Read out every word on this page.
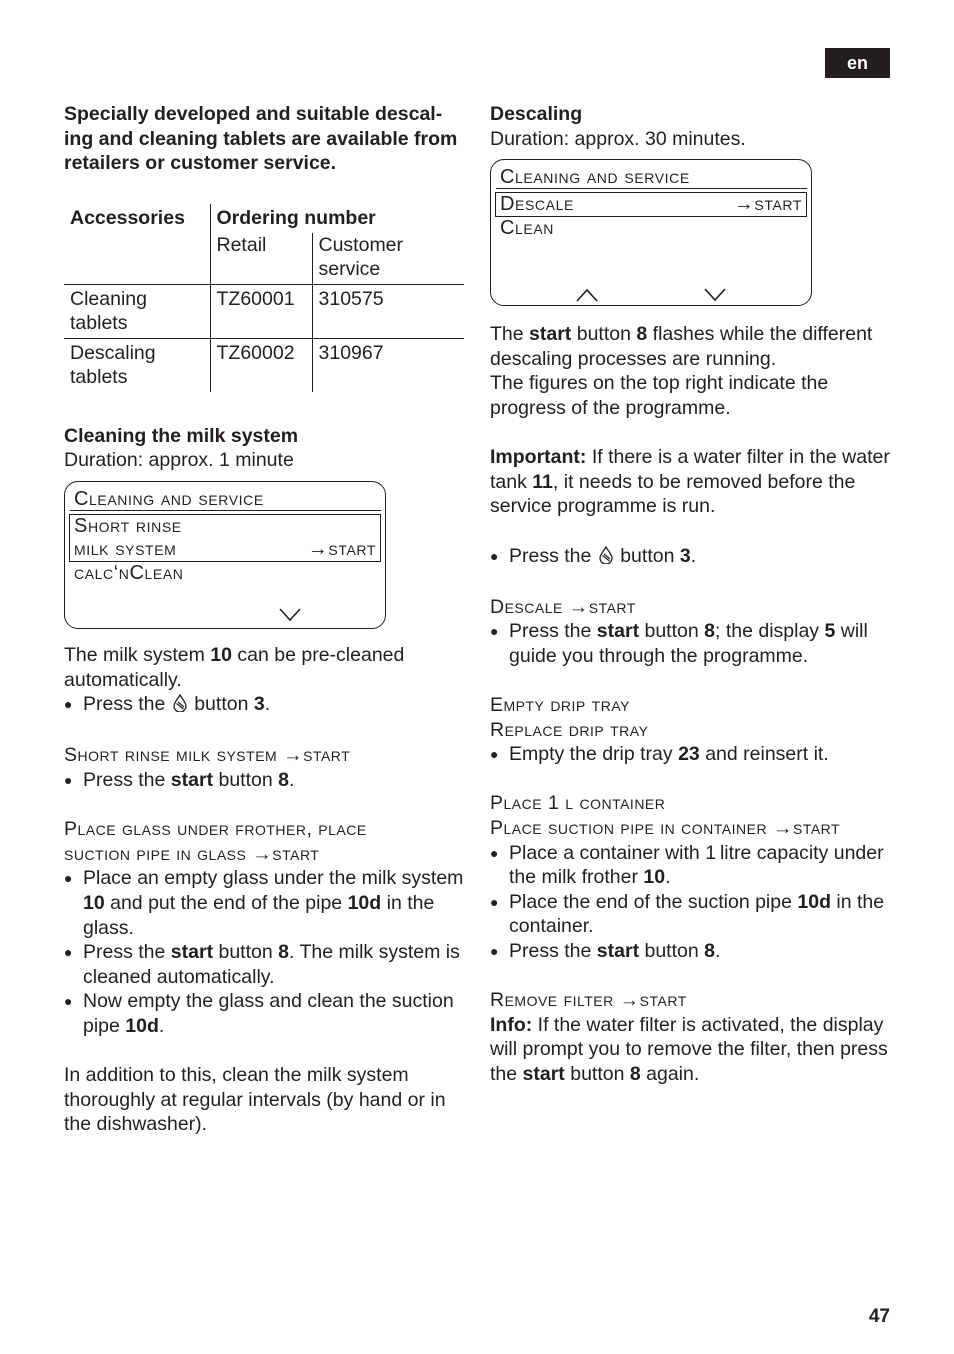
en

Specially developed and suitable descaling and cleaning tablets are available from retailers or customer service.

Accessories	Ordering number	
	Retail	Customer service
Cleaning tablets	TZ60001	310575
Descaling tablets	TZ60002	310967

Cleaning the milk system

Duration: approx. 1 minute

Cleaning and service
Short rinse
milk system	→start
calc‘nClean

The milk system 10 can be pre-cleaned automatically.

● Press the  button 3.

Short rinse milk system →start

● Press the start button 8.

Place glass under frother, place

suction pipe in glass →start

● Place an empty glass under the milk system 10 and put the end of the pipe 10d in the glass.
● Press the start button 8. The milk system is cleaned automatically.
● Now empty the glass and clean the suction pipe 10d.

In addition to this, clean the milk system thoroughly at regular intervals (by hand or in the dishwasher).

Descaling

Duration: approx. 30 minutes.

Cleaning and service
Descale	→start
Clean

The start button 8 flashes while the different descaling processes are running.

The figures on the top right indicate the progress of the programme.

Important: If there is a water filter in the water tank 11, it needs to be removed before the service programme is run.

● Press the  button 3.

Descale →start

● Press the start button 8; the display 5 will guide you through the programme.

Empty drip tray

Replace drip tray

● Empty the drip tray 23 and reinsert it.

Place 1 l container

Place suction pipe in container →start

● Place a container with 1 litre capacity under the milk frother 10.
● Place the end of the suction pipe 10d in the container.
● Press the start button 8.

Remove filter →start

Info: If the water filter is activated, the display will prompt you to remove the filter, then press the start button 8 again.

47
